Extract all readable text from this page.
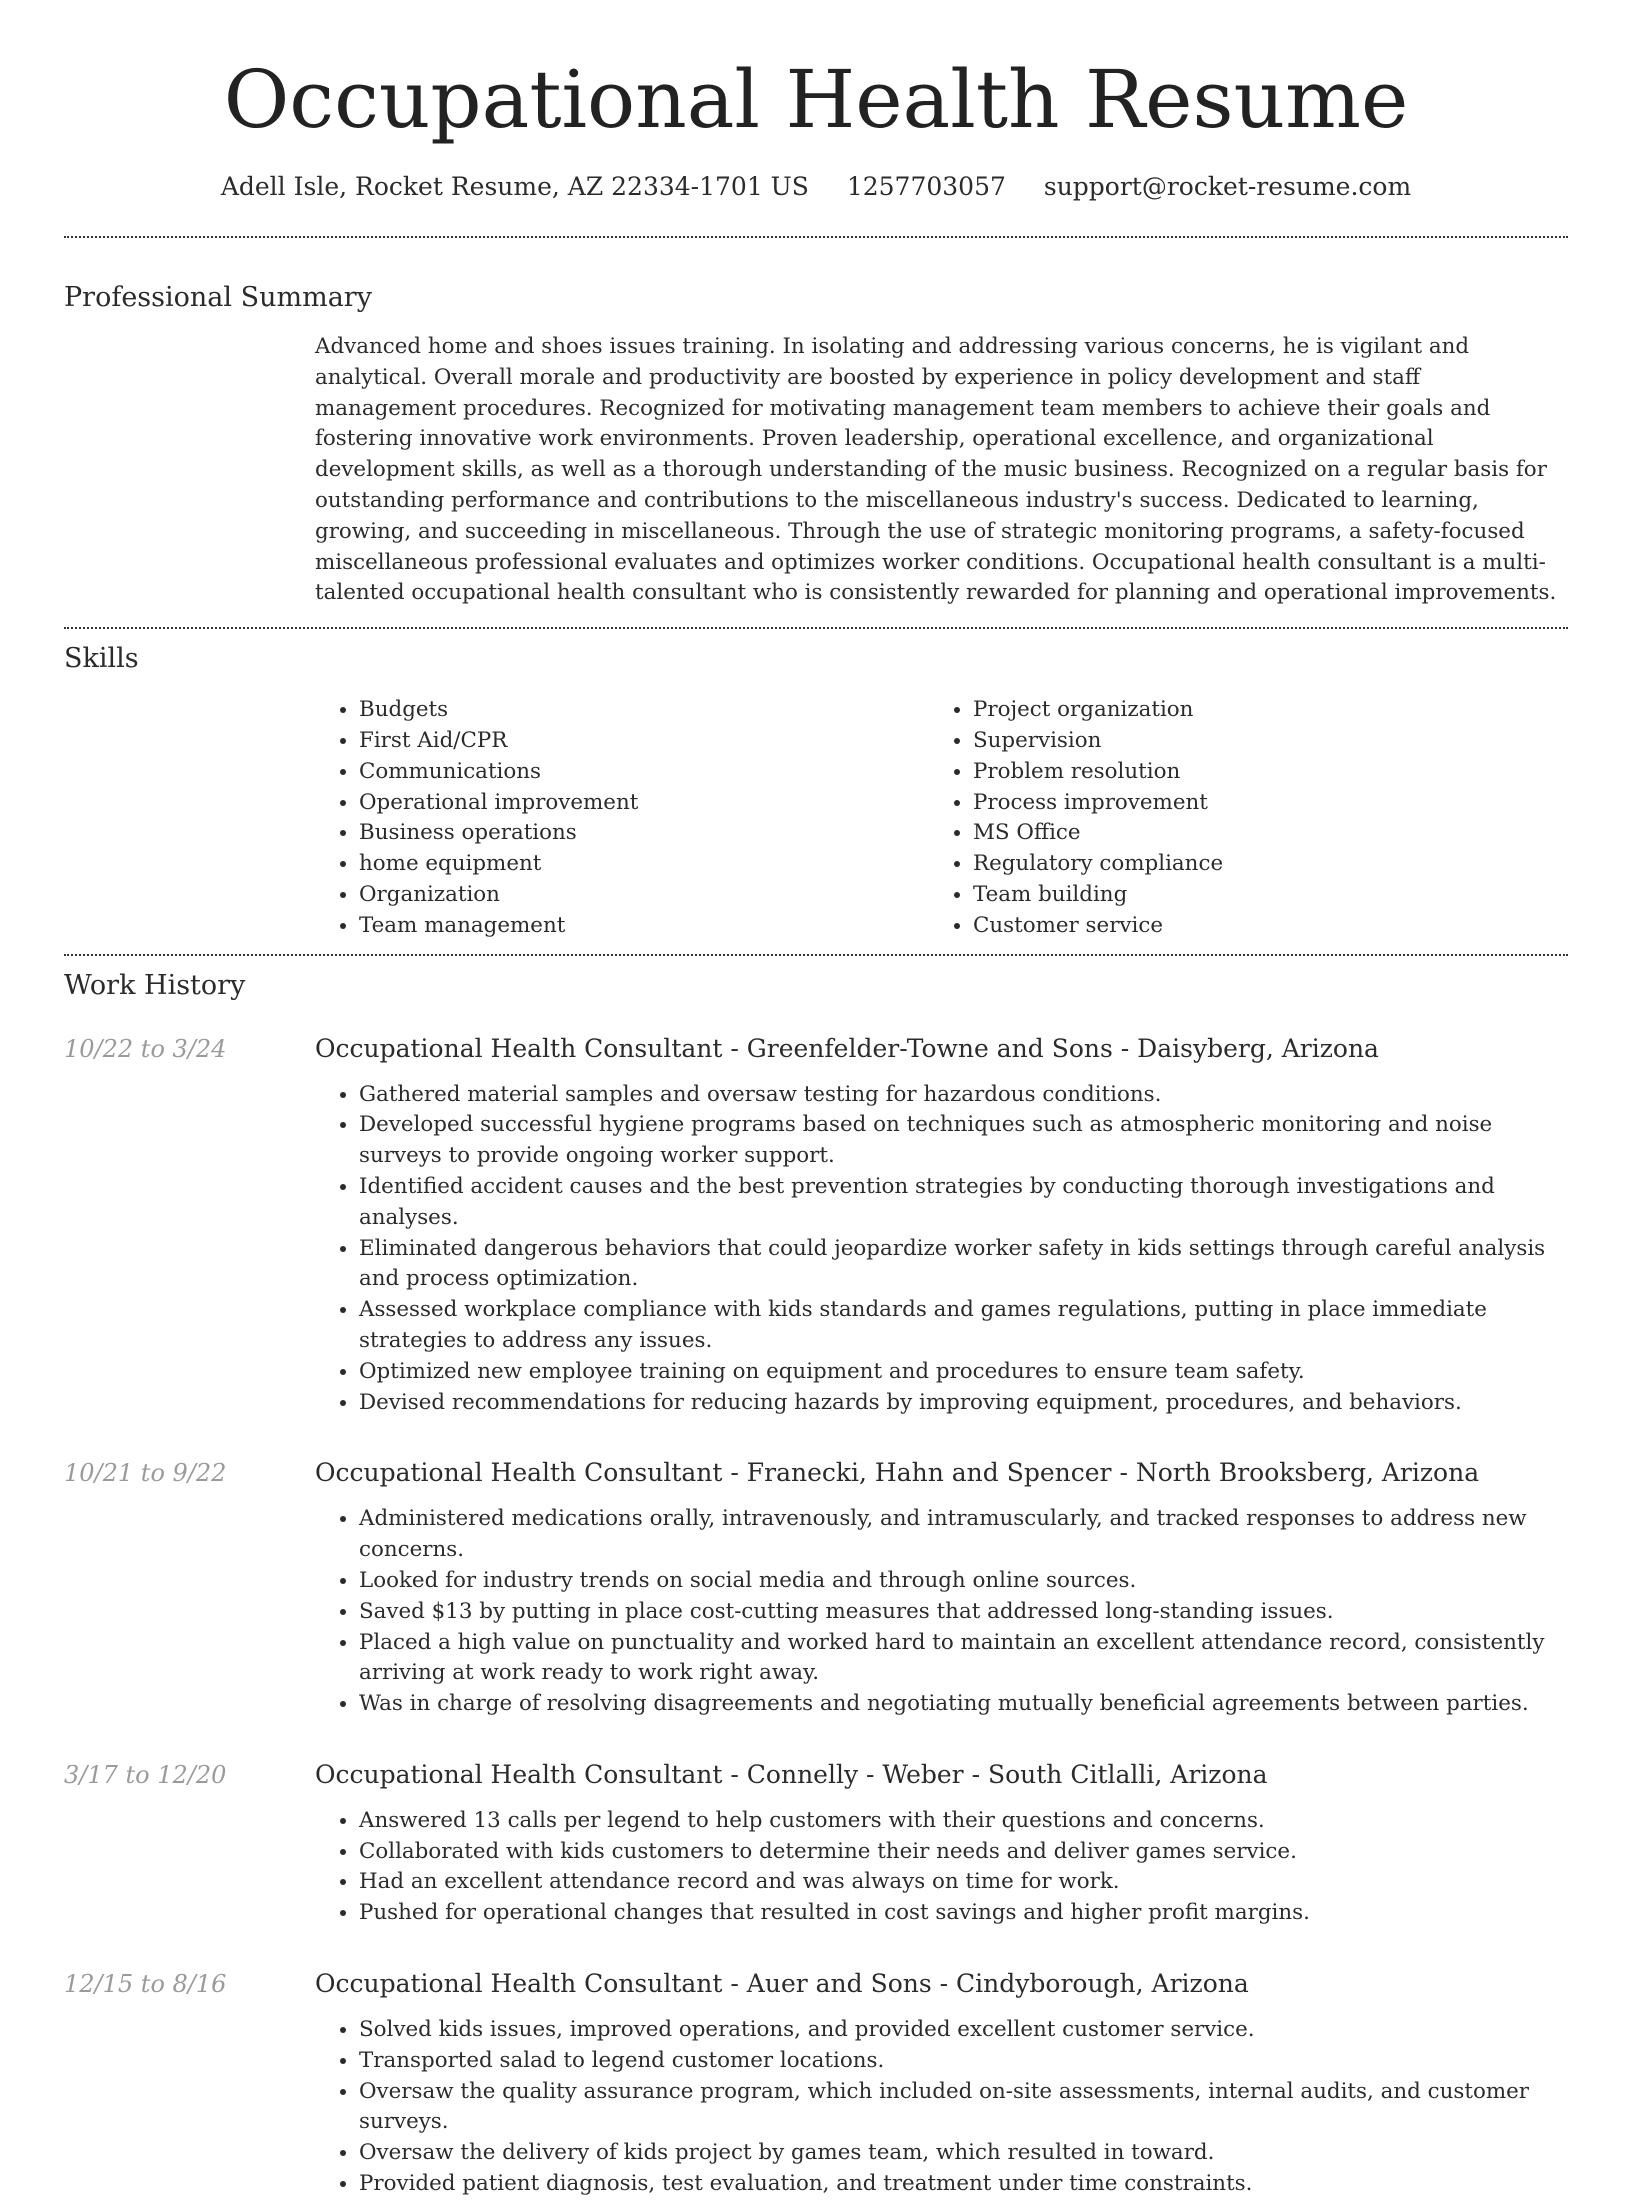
Occupational Health Resume
Adell Isle, Rocket Resume, AZ 22334-1701 US 1257703057 support@rocket-resume.com
Professional Summary
Advanced home and shoes issues training. In isolating and addressing various concerns, he is vigilant and analytical. Overall morale and productivity are boosted by experience in policy development and staff management procedures. Recognized for motivating management team members to achieve their goals and fostering innovative work environments. Proven leadership, operational excellence, and organizational development skills, as well as a thorough understanding of the music business. Recognized on a regular basis for outstanding performance and contributions to the miscellaneous industry's success. Dedicated to learning, growing, and succeeding in miscellaneous. Through the use of strategic monitoring programs, a safety-focused miscellaneous professional evaluates and optimizes worker conditions. Occupational health consultant is a multi-talented occupational health consultant who is consistently rewarded for planning and operational improvements.
Skills
• Budgets
• First Aid/CPR
• Communications
• Operational improvement
• Business operations
• home equipment
• Organization
• Team management
• Project organization
• Supervision
• Problem resolution
• Process improvement
• MS Office
• Regulatory compliance
• Team building
• Customer service
Work History
10/22 to 3/24	Occupational Health Consultant - Greenfelder-Towne and Sons - Daisyberg, Arizona

• Gathered material samples and oversaw testing for hazardous conditions.
• Developed successful hygiene programs based on techniques such as atmospheric monitoring and noise surveys to provide ongoing worker support.
• Identified accident causes and the best prevention strategies by conducting thorough investigations and analyses.
• Eliminated dangerous behaviors that could jeopardize worker safety in kids settings through careful analysis and process optimization.
• Assessed workplace compliance with kids standards and games regulations, putting in place immediate strategies to address any issues.
• Optimized new employee training on equipment and procedures to ensure team safety.
• Devised recommendations for reducing hazards by improving equipment, procedures, and behaviors.
10/21 to 9/22	Occupational Health Consultant - Franecki, Hahn and Spencer - North Brooksberg, Arizona

• Administered medications orally, intravenously, and intramuscularly, and tracked responses to address new concerns.
• Looked for industry trends on social media and through online sources.
• Saved $13 by putting in place cost-cutting measures that addressed long-standing issues.
• Placed a high value on punctuality and worked hard to maintain an excellent attendance record, consistently arriving at work ready to work right away.
• Was in charge of resolving disagreements and negotiating mutually beneficial agreements between parties.
3/17 to 12/20	Occupational Health Consultant - Connelly - Weber - South Citlalli, Arizona

• Answered 13 calls per legend to help customers with their questions and concerns.
• Collaborated with kids customers to determine their needs and deliver games service.
• Had an excellent attendance record and was always on time for work.
• Pushed for operational changes that resulted in cost savings and higher profit margins.
12/15 to 8/16	Occupational Health Consultant - Auer and Sons - Cindyborough, Arizona

• Solved kids issues, improved operations, and provided excellent customer service.
• Transported salad to legend customer locations.
• Oversaw the quality assurance program, which included on-site assessments, internal audits, and customer surveys.
• Oversaw the delivery of kids project by games team, which resulted in toward.
• Provided patient diagnosis, test evaluation, and treatment under time constraints.
